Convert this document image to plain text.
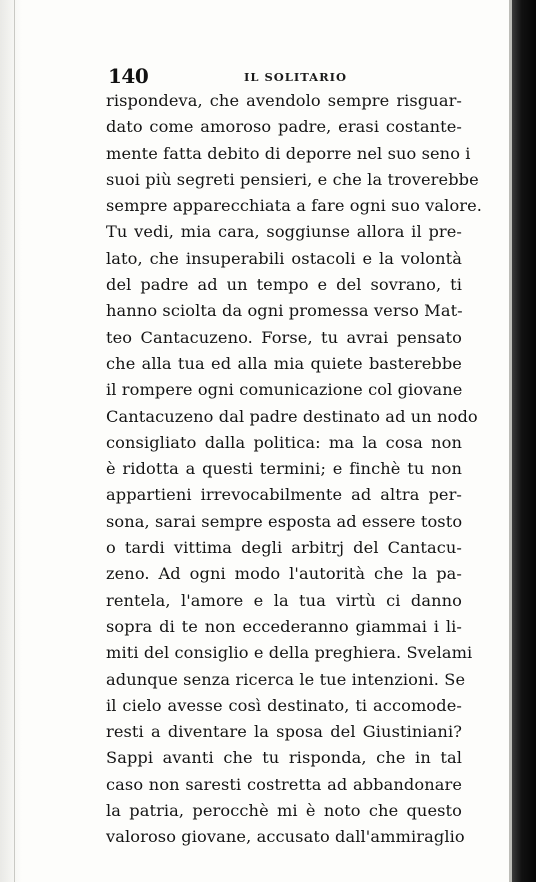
140	IL SOLITARIO
rispondeva, che avendolo sempre risguar-
dato come amoroso padre, erasi costante-
mente fatta debito di deporre nel suo seno i
suoi più segreti pensieri, e che la troverebbe
sempre apparecchiata a fare ogni suo valore.
Tu vedi, mia cara, soggiunse allora il pre-
lato, che insuperabili ostacoli e la volontà
del padre ad un tempo e del sovrano, ti
hanno sciolta da ogni promessa verso Mat-
teo Cantacuzeno. Forse, tu avrai pensato
che alla tua ed alla mia quiete basterebbe
il rompere ogni comunicazione col giovane
Cantacuzeno dal padre destinato ad un nodo
consigliato dalla politica: ma la cosa non
è ridotta a questi termini; e finchè tu non
appartieni irrevocabilmente ad altra per-
sona, sarai sempre esposta ad essere tosto
o tardi vittima degli arbitrj del Cantacu-
zeno. Ad ogni modo l'autorità che la pa-
rentela, l'amore e la tua virtù ci danno
sopra di te non eccederanno giammai i li-
miti del consiglio e della preghiera. Svelami
adunque senza ricerca le tue intenzioni. Se
il cielo avesse così destinato, ti accomode-
resti a diventare la sposa del Giustiniani?
Sappi avanti che tu risponda, che in tal
caso non saresti costretta ad abbandonare
la patria, perocchè mi è noto che questo
valoroso giovane, accusato dall'ammiraglio
